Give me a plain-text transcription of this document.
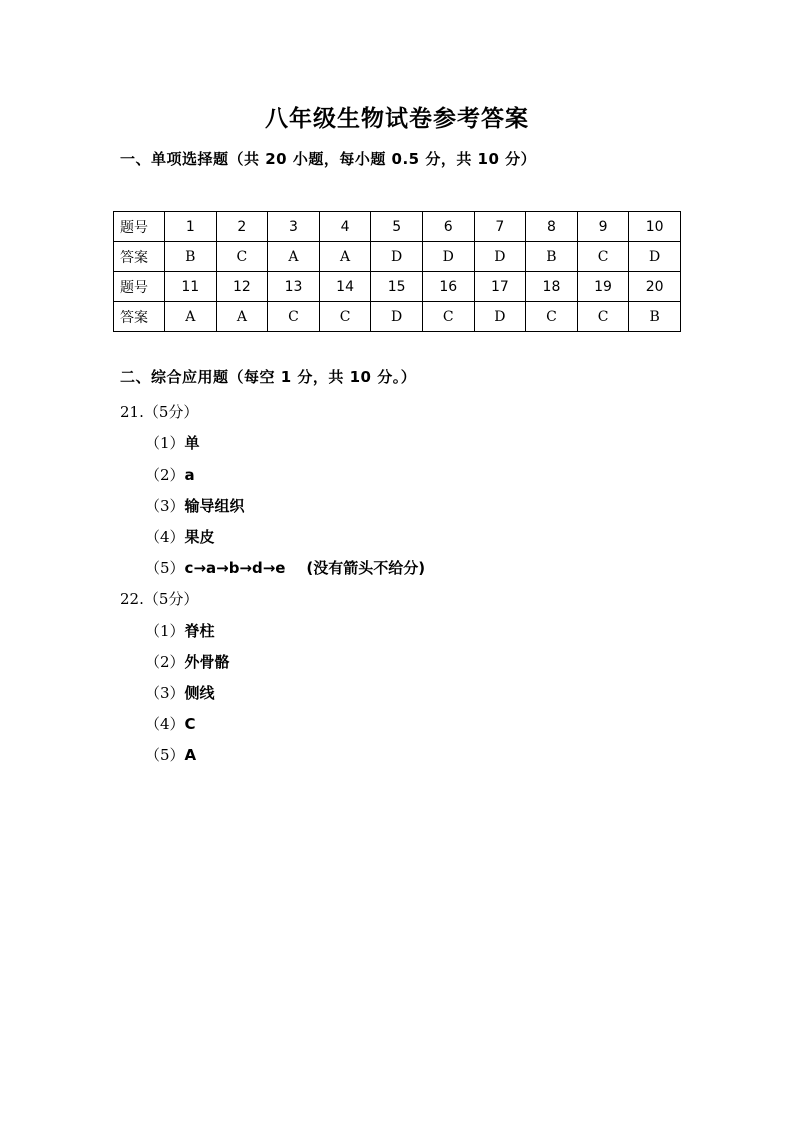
八年级生物试卷参考答案
一、单项选择题（共 20 小题，每小题 0.5 分，共 10 分）
题号	1	2	3	4	5	6	7	8	9	10
答案	B	C	A	A	D	D	D	B	C	D
题号	11	12	13	14	15	16	17	18	19	20
答案	A	A	C	C	D	C	D	C	C	B
二、综合应用题（每空 1 分，共 10 分。）
21.（5分）
（1）单
（2）a
（3）输导组织
（4）果皮
（5）c→a→b→d→e    (没有箭头不给分)
22.（5分）
（1）脊柱
（2）外骨骼
（3）侧线
（4）C
（5）A
